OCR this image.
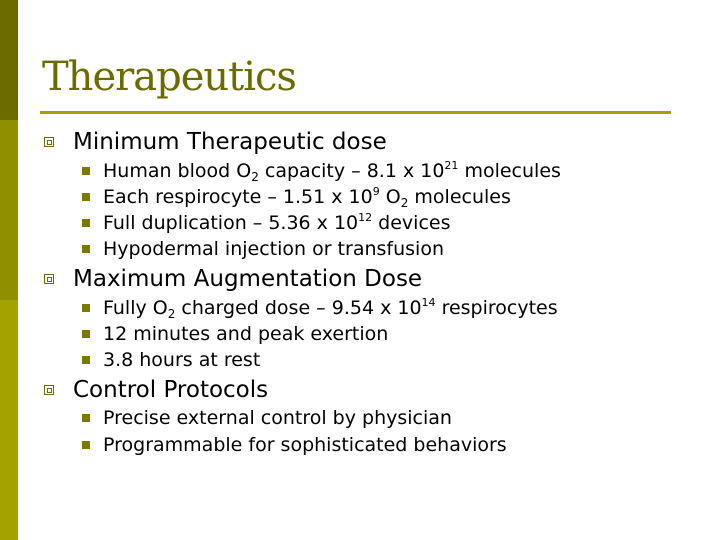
Therapeutics
Minimum Therapeutic dose
Human blood $O_2$ capacity – 8.1 x $10^{21}$ molecules
Each respirocyte – 1.51 x $10^9$ $O_2$ molecules
Full duplication – 5.36 x $10^{12}$ devices
Hypodermal injection or transfusion
Maximum Augmentation Dose
Fully $O_2$ charged dose – 9.54 x $10^{14}$ respirocytes
12 minutes and peak exertion
3.8 hours at rest
Control Protocols
Precise external control by physician
Programmable for sophisticated behaviors
